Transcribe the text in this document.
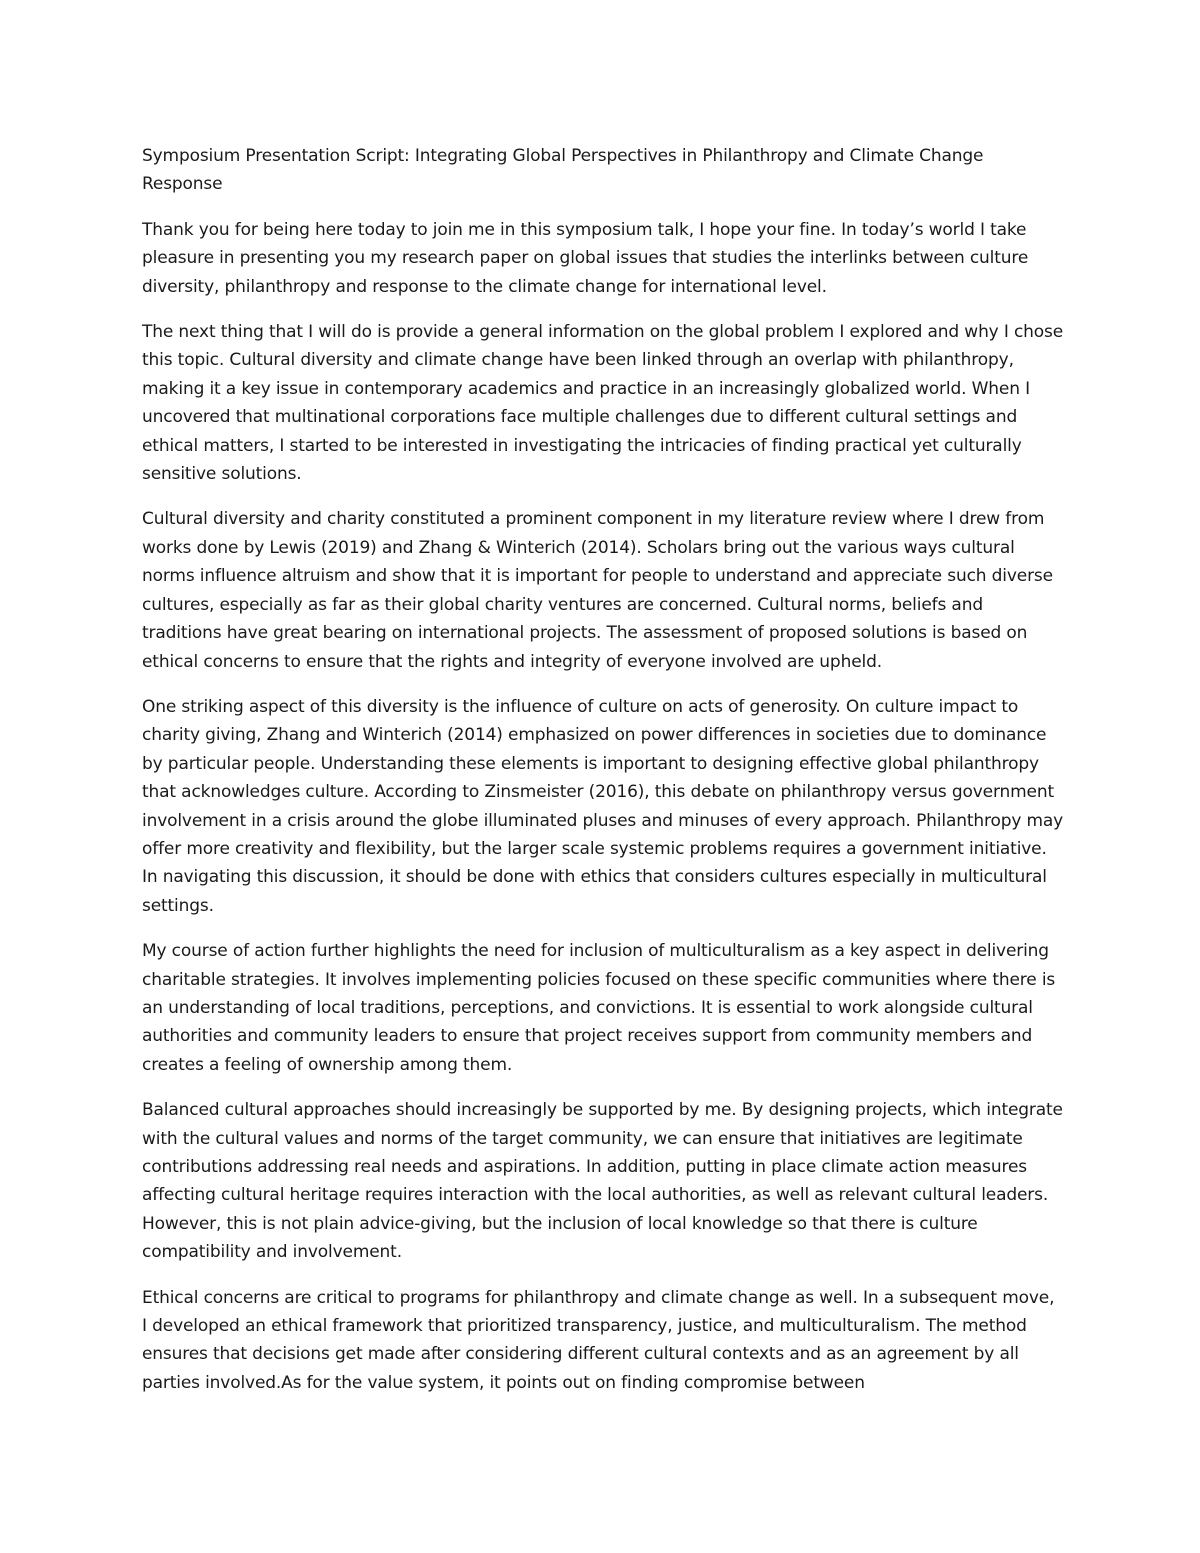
Symposium Presentation Script: Integrating Global Perspectives in Philanthropy and Climate Change Response

Thank you for being here today to join me in this symposium talk, I hope your fine. In today’s world I take pleasure in presenting you my research paper on global issues that studies the interlinks between culture diversity, philanthropy and response to the climate change for international level.

The next thing that I will do is provide a general information on the global problem I explored and why I chose this topic. Cultural diversity and climate change have been linked through an overlap with philanthropy, making it a key issue in contemporary academics and practice in an increasingly globalized world. When I uncovered that multinational corporations face multiple challenges due to different cultural settings and ethical matters, I started to be interested in investigating the intricacies of finding practical yet culturally sensitive solutions.

Cultural diversity and charity constituted a prominent component in my literature review where I drew from works done by Lewis (2019) and Zhang & Winterich (2014). Scholars bring out the various ways cultural norms influence altruism and show that it is important for people to understand and appreciate such diverse cultures, especially as far as their global charity ventures are concerned. Cultural norms, beliefs and traditions have great bearing on international projects. The assessment of proposed solutions is based on ethical concerns to ensure that the rights and integrity of everyone involved are upheld.

One striking aspect of this diversity is the influence of culture on acts of generosity. On culture impact to charity giving, Zhang and Winterich (2014) emphasized on power differences in societies due to dominance by particular people. Understanding these elements is important to designing effective global philanthropy that acknowledges culture. According to Zinsmeister (2016), this debate on philanthropy versus government involvement in a crisis around the globe illuminated pluses and minuses of every approach. Philanthropy may offer more creativity and flexibility, but the larger scale systemic problems requires a government initiative. In navigating this discussion, it should be done with ethics that considers cultures especially in multicultural settings.

My course of action further highlights the need for inclusion of multiculturalism as a key aspect in delivering charitable strategies. It involves implementing policies focused on these specific communities where there is an understanding of local traditions, perceptions, and convictions. It is essential to work alongside cultural authorities and community leaders to ensure that project receives support from community members and creates a feeling of ownership among them.

Balanced cultural approaches should increasingly be supported by me. By designing projects, which integrate with the cultural values and norms of the target community, we can ensure that initiatives are legitimate contributions addressing real needs and aspirations. In addition, putting in place climate action measures affecting cultural heritage requires interaction with the local authorities, as well as relevant cultural leaders. However, this is not plain advice-giving, but the inclusion of local knowledge so that there is culture compatibility and involvement.

Ethical concerns are critical to programs for philanthropy and climate change as well. In a subsequent move, I developed an ethical framework that prioritized transparency, justice, and multiculturalism. The method ensures that decisions get made after considering different cultural contexts and as an agreement by all parties involved.As for the value system, it points out on finding compromise between
